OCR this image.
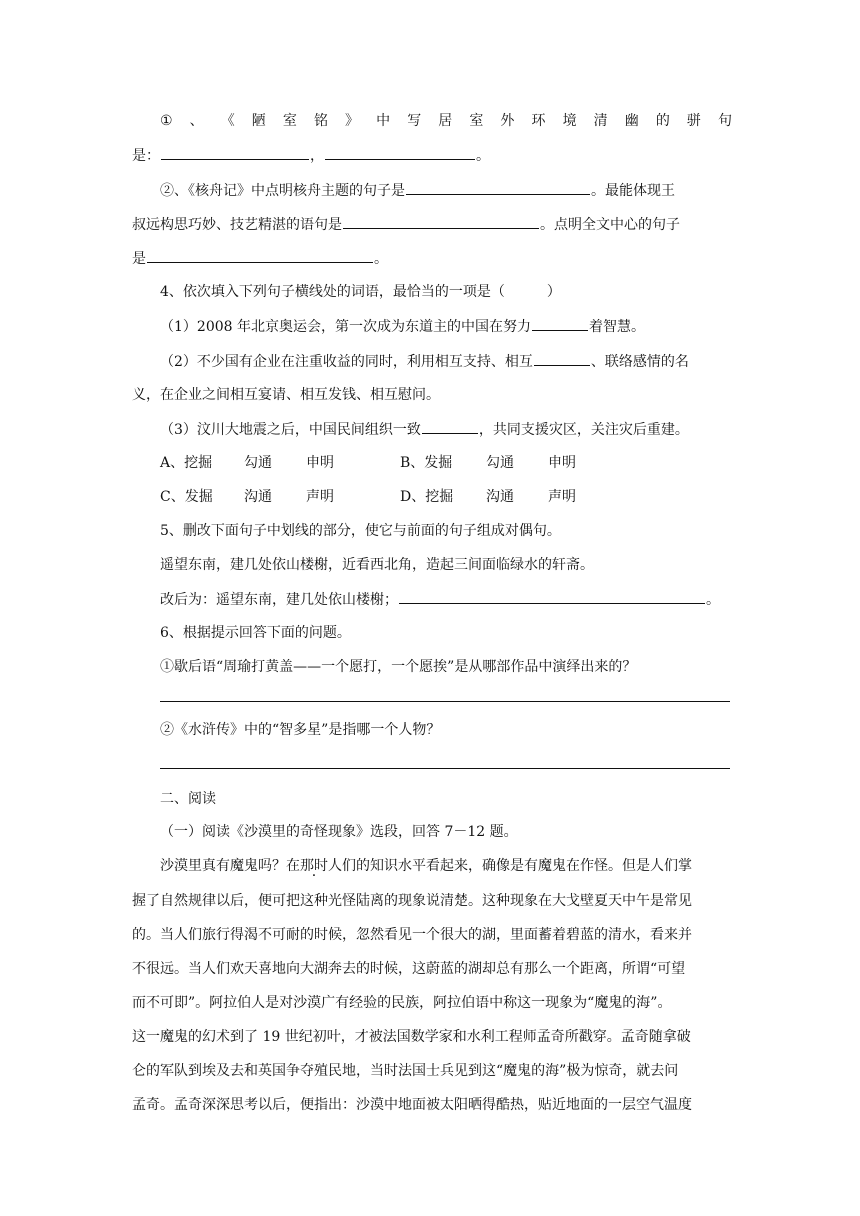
① 、 《 陋 室 铭 》 中 写 居 室 外 环 境 清 幽 的 骈 句
是：	，	。
②、《核舟记》中点明核舟主题的句子是	。最能体现王
叔远构思巧妙、技艺精湛的语句是	。点明全文中心的句子
是	。
4、依次填入下列句子横线处的词语，最恰当的一项是（　　　）
（1）2008 年北京奥运会，第一次成为东道主的中国在努力	着智慧。
（2）不少国有企业在注重收益的同时，利用相互支持、相互	、联络感情的名
义，在企业之间相互宴请、相互发钱、相互慰问。
（3）汶川大地震之后，中国民间组织一致	，共同支援灾区，关注灾后重建。
A、挖掘 勾通 申明	B、发掘 勾通 申明
C、发掘 沟通 声明	D、挖掘 沟通 声明
5、删改下面句子中划线的部分，使它与前面的句子组成对偶句。
遥望东南，建几处依山楼榭，近看西北角，造起三间面临绿水的轩斋。
改后为：遥望东南，建几处依山楼榭；	。
6、根据提示回答下面的问题。
①歇后语“周瑜打黄盖——一个愿打，一个愿挨”是从哪部作品中演绎出来的？
②《水浒传》中的“智多星”是指哪一个人物？
二、阅读
（一）阅读《沙漠里的奇怪现象》选段，回答 7－12 题。
沙漠里真有魔鬼吗？在那时人们的知识水平看起来，确像是有魔鬼在作怪。但是人们掌
握了自然规律以后，便可把这种光怪陆离的现象说清楚。这种现象在大戈壁夏天中午是常见
的。当人们旅行得渴不可耐的时候，忽然看见一个很大的湖，里面蓄着碧蓝的清水，看来并
不很远。当人们欢天喜地向大湖奔去的时候，这蔚蓝的湖却总有那么一个距离，所谓“可望
而不可即”。阿拉伯人是对沙漠广有经验的民族，阿拉伯语中称这一现象为“魔鬼的海”。
这一魔鬼的幻术到了 19 世纪初叶，才被法国数学家和水利工程师孟奇所戳穿。孟奇随拿破
仑的军队到埃及去和英国争夺殖民地，当时法国士兵见到这“魔鬼的海”极为惊奇，就去问
孟奇。孟奇深深思考以后，便指出：沙漠中地面被太阳晒得酷热，贴近地面的一层空气温度
